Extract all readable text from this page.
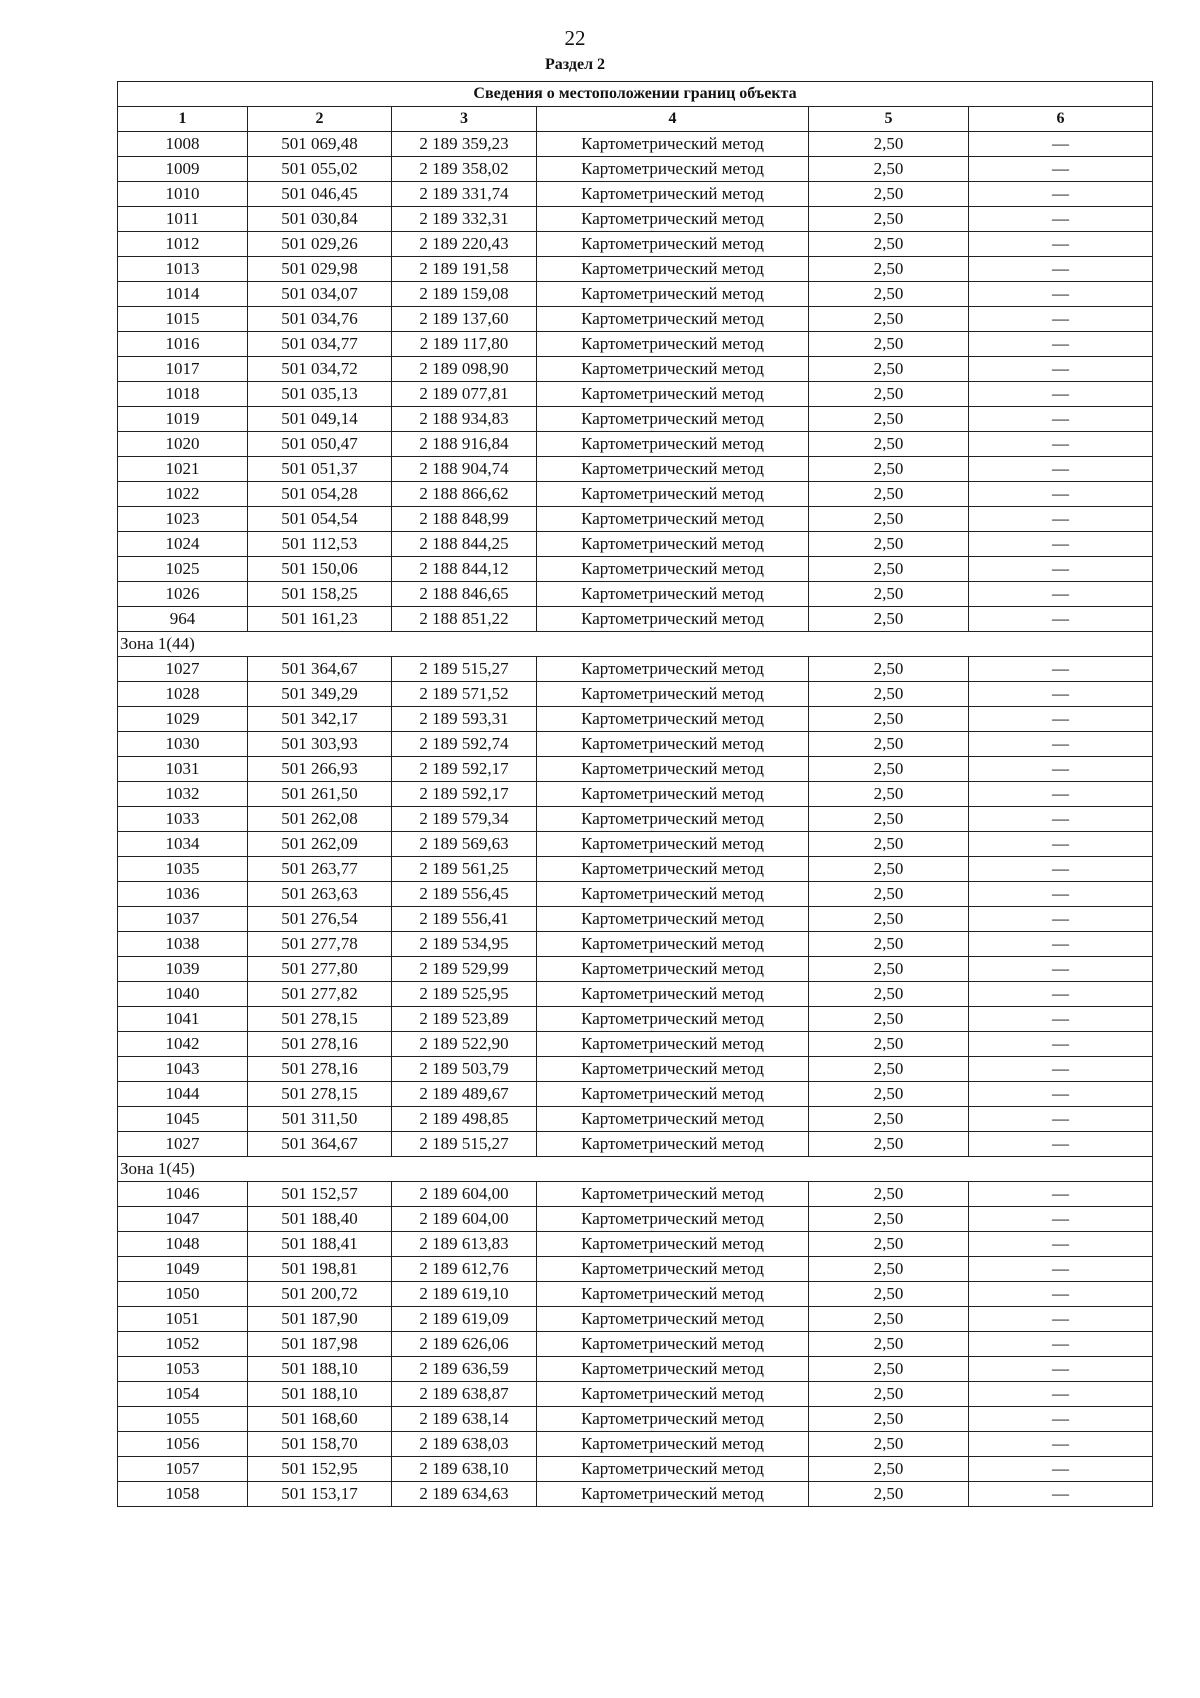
22
Раздел 2
Сведения о местоположении границ объекта					
1	2	3	4	5	6
1008	501 069,48	2 189 359,23	Картометрический метод	2,50	—
1009	501 055,02	2 189 358,02	Картометрический метод	2,50	—
1010	501 046,45	2 189 331,74	Картометрический метод	2,50	—
1011	501 030,84	2 189 332,31	Картометрический метод	2,50	—
1012	501 029,26	2 189 220,43	Картометрический метод	2,50	—
1013	501 029,98	2 189 191,58	Картометрический метод	2,50	—
1014	501 034,07	2 189 159,08	Картометрический метод	2,50	—
1015	501 034,76	2 189 137,60	Картометрический метод	2,50	—
1016	501 034,77	2 189 117,80	Картометрический метод	2,50	—
1017	501 034,72	2 189 098,90	Картометрический метод	2,50	—
1018	501 035,13	2 189 077,81	Картометрический метод	2,50	—
1019	501 049,14	2 188 934,83	Картометрический метод	2,50	—
1020	501 050,47	2 188 916,84	Картометрический метод	2,50	—
1021	501 051,37	2 188 904,74	Картометрический метод	2,50	—
1022	501 054,28	2 188 866,62	Картометрический метод	2,50	—
1023	501 054,54	2 188 848,99	Картометрический метод	2,50	—
1024	501 112,53	2 188 844,25	Картометрический метод	2,50	—
1025	501 150,06	2 188 844,12	Картометрический метод	2,50	—
1026	501 158,25	2 188 846,65	Картометрический метод	2,50	—
964	501 161,23	2 188 851,22	Картометрический метод	2,50	—
Зона 1(44)					
1027	501 364,67	2 189 515,27	Картометрический метод	2,50	—
1028	501 349,29	2 189 571,52	Картометрический метод	2,50	—
1029	501 342,17	2 189 593,31	Картометрический метод	2,50	—
1030	501 303,93	2 189 592,74	Картометрический метод	2,50	—
1031	501 266,93	2 189 592,17	Картометрический метод	2,50	—
1032	501 261,50	2 189 592,17	Картометрический метод	2,50	—
1033	501 262,08	2 189 579,34	Картометрический метод	2,50	—
1034	501 262,09	2 189 569,63	Картометрический метод	2,50	—
1035	501 263,77	2 189 561,25	Картометрический метод	2,50	—
1036	501 263,63	2 189 556,45	Картометрический метод	2,50	—
1037	501 276,54	2 189 556,41	Картометрический метод	2,50	—
1038	501 277,78	2 189 534,95	Картометрический метод	2,50	—
1039	501 277,80	2 189 529,99	Картометрический метод	2,50	—
1040	501 277,82	2 189 525,95	Картометрический метод	2,50	—
1041	501 278,15	2 189 523,89	Картометрический метод	2,50	—
1042	501 278,16	2 189 522,90	Картометрический метод	2,50	—
1043	501 278,16	2 189 503,79	Картометрический метод	2,50	—
1044	501 278,15	2 189 489,67	Картометрический метод	2,50	—
1045	501 311,50	2 189 498,85	Картометрический метод	2,50	—
1027	501 364,67	2 189 515,27	Картометрический метод	2,50	—
Зона 1(45)					
1046	501 152,57	2 189 604,00	Картометрический метод	2,50	—
1047	501 188,40	2 189 604,00	Картометрический метод	2,50	—
1048	501 188,41	2 189 613,83	Картометрический метод	2,50	—
1049	501 198,81	2 189 612,76	Картометрический метод	2,50	—
1050	501 200,72	2 189 619,10	Картометрический метод	2,50	—
1051	501 187,90	2 189 619,09	Картометрический метод	2,50	—
1052	501 187,98	2 189 626,06	Картометрический метод	2,50	—
1053	501 188,10	2 189 636,59	Картометрический метод	2,50	—
1054	501 188,10	2 189 638,87	Картометрический метод	2,50	—
1055	501 168,60	2 189 638,14	Картометрический метод	2,50	—
1056	501 158,70	2 189 638,03	Картометрический метод	2,50	—
1057	501 152,95	2 189 638,10	Картометрический метод	2,50	—
1058	501 153,17	2 189 634,63	Картометрический метод	2,50	—
